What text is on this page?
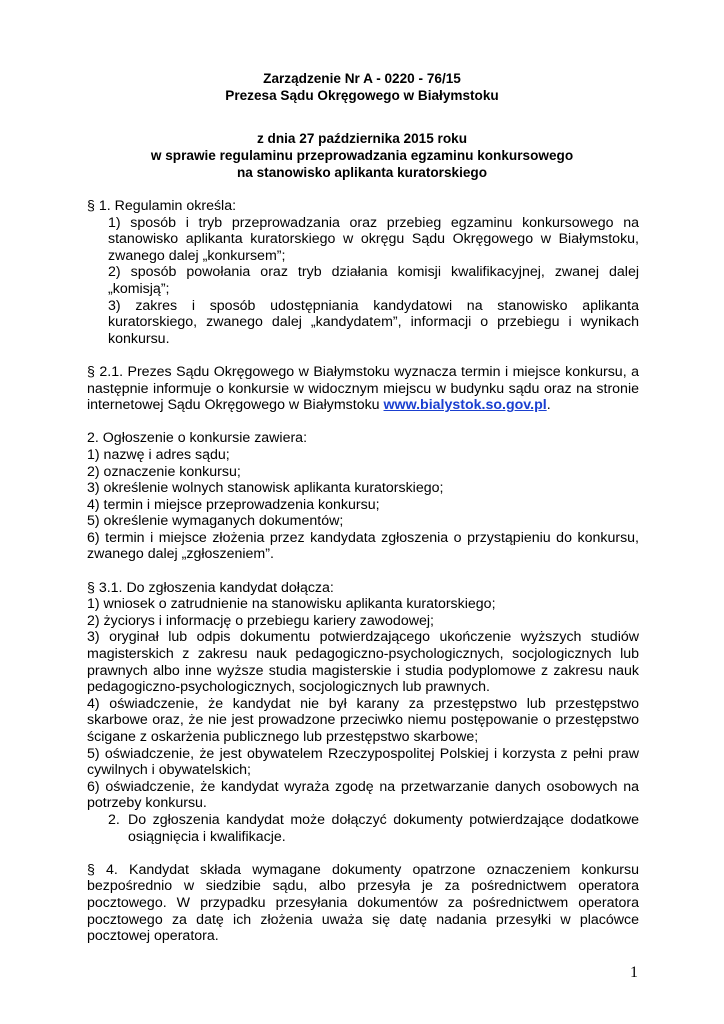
Zarządzenie Nr A - 0220 - 76/15

Prezesa Sądu Okręgowego w Białymstoku

z dnia 27 października 2015 roku

w sprawie regulaminu przeprowadzania egzaminu konkursowego

na stanowisko aplikanta kuratorskiego

§ 1. Regulamin określa:

1) sposób i tryb przeprowadzania oraz przebieg egzaminu konkursowego na stanowisko aplikanta kuratorskiego w okręgu Sądu Okręgowego w Białymstoku, zwanego dalej „konkursem”;

2) sposób powołania oraz tryb działania komisji kwalifikacyjnej, zwanej dalej „komisją”;

3) zakres i sposób udostępniania kandydatowi na stanowisko aplikanta kuratorskiego, zwanego dalej „kandydatem”, informacji o przebiegu i wynikach konkursu.

§ 2.1. Prezes Sądu Okręgowego w Białymstoku wyznacza termin i miejsce konkursu, a następnie informuje o konkursie w widocznym miejscu w budynku sądu oraz na stronie internetowej Sądu Okręgowego w Białymstoku www.bialystok.so.gov.pl.

2. Ogłoszenie o konkursie zawiera:

1) nazwę i adres sądu;

2) oznaczenie konkursu;

3) określenie wolnych stanowisk aplikanta kuratorskiego;

4) termin i miejsce przeprowadzenia konkursu;

5) określenie wymaganych dokumentów;

6) termin i miejsce złożenia przez kandydata zgłoszenia o przystąpieniu do konkursu, zwanego dalej „zgłoszeniem”.

§ 3.1. Do zgłoszenia kandydat dołącza:

1) wniosek o zatrudnienie na stanowisku aplikanta kuratorskiego;

2) życiorys i informację o przebiegu kariery zawodowej;

3) oryginał lub odpis dokumentu potwierdzającego ukończenie wyższych studiów magisterskich z zakresu nauk pedagogiczno-psychologicznych, socjologicznych lub prawnych albo inne wyższe studia magisterskie i studia podyplomowe z zakresu nauk pedagogiczno-psychologicznych, socjologicznych lub prawnych.

4) oświadczenie, że kandydat nie był karany za przestępstwo lub przestępstwo skarbowe oraz, że nie jest prowadzone przeciwko niemu postępowanie o przestępstwo ścigane z oskarżenia publicznego lub przestępstwo skarbowe;

5) oświadczenie, że jest obywatelem Rzeczypospolitej Polskiej i korzysta z pełni praw cywilnych i obywatelskich;

6) oświadczenie, że kandydat wyraża zgodę na przetwarzanie danych osobowych na potrzeby konkursu.

2. Do zgłoszenia kandydat może dołączyć dokumenty potwierdzające dodatkowe osiągnięcia i kwalifikacje.

§ 4. Kandydat składa wymagane dokumenty opatrzone oznaczeniem konkursu bezpośrednio w siedzibie sądu, albo przesyła je za pośrednictwem operatora pocztowego. W przypadku przesyłania dokumentów za pośrednictwem operatora pocztowego za datę ich złożenia uważa się datę nadania przesyłki w placówce pocztowej operatora.

1
